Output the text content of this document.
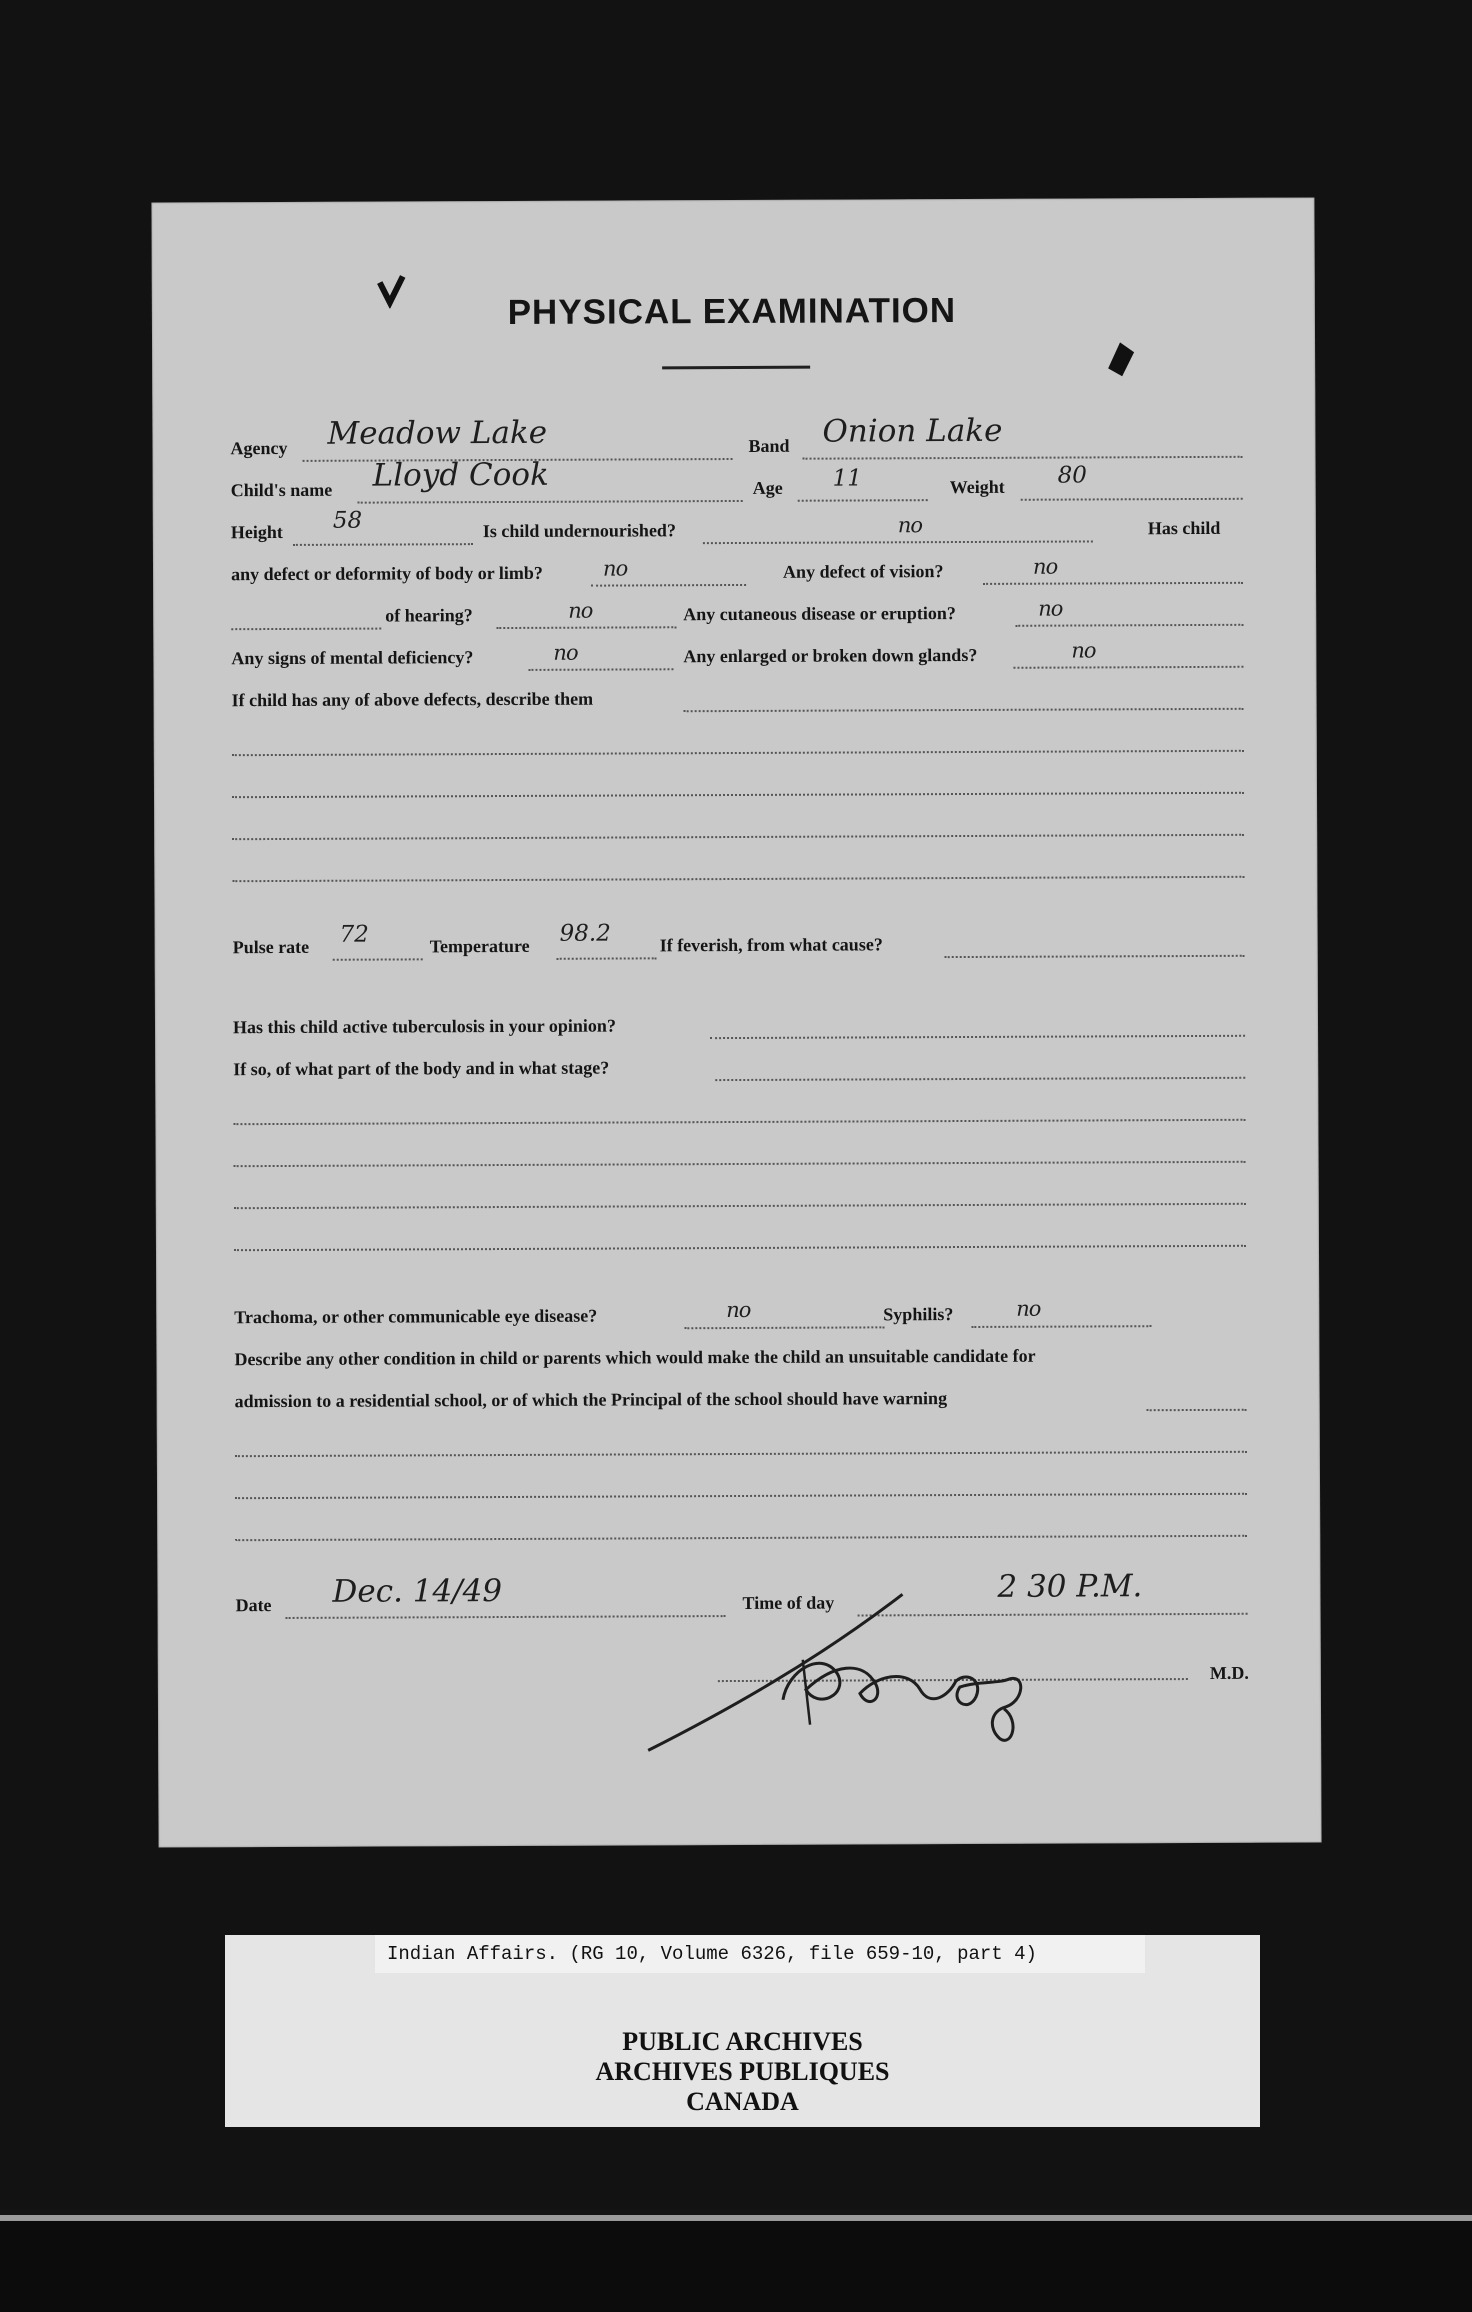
PHYSICAL EXAMINATION
Agency Meadow Lake	Band Onion Lake
Child's name Lloyd Cook	Age 11	Weight 80
Height 58	Is child undernourished?	no	Has child
any defect or deformity of body or limb?	no	Any defect of vision?	no
of hearing?	no	Any cutaneous disease or eruption?	no
Any signs of mental deficiency?	no	Any enlarged or broken down glands?	no
If child has any of above defects, describe them
Pulse rate 72	Temperature 98.2	If feverish, from what cause?
Has this child active tuberculosis in your opinion?
If so, of what part of the body and in what stage?
Trachoma, or other communicable eye disease?	no	Syphilis?	no
Describe any other condition in child or parents which would make the child an unsuitable candidate for
admission to a residential school, or of which the Principal of the school should have warning
Date Dec. 14/49	Time of day	2 30 P.M.
M.D.
Indian Affairs. (RG 10, Volume 6326, file 659-10, part 4)
PUBLIC ARCHIVES
ARCHIVES PUBLIQUES
CANADA
